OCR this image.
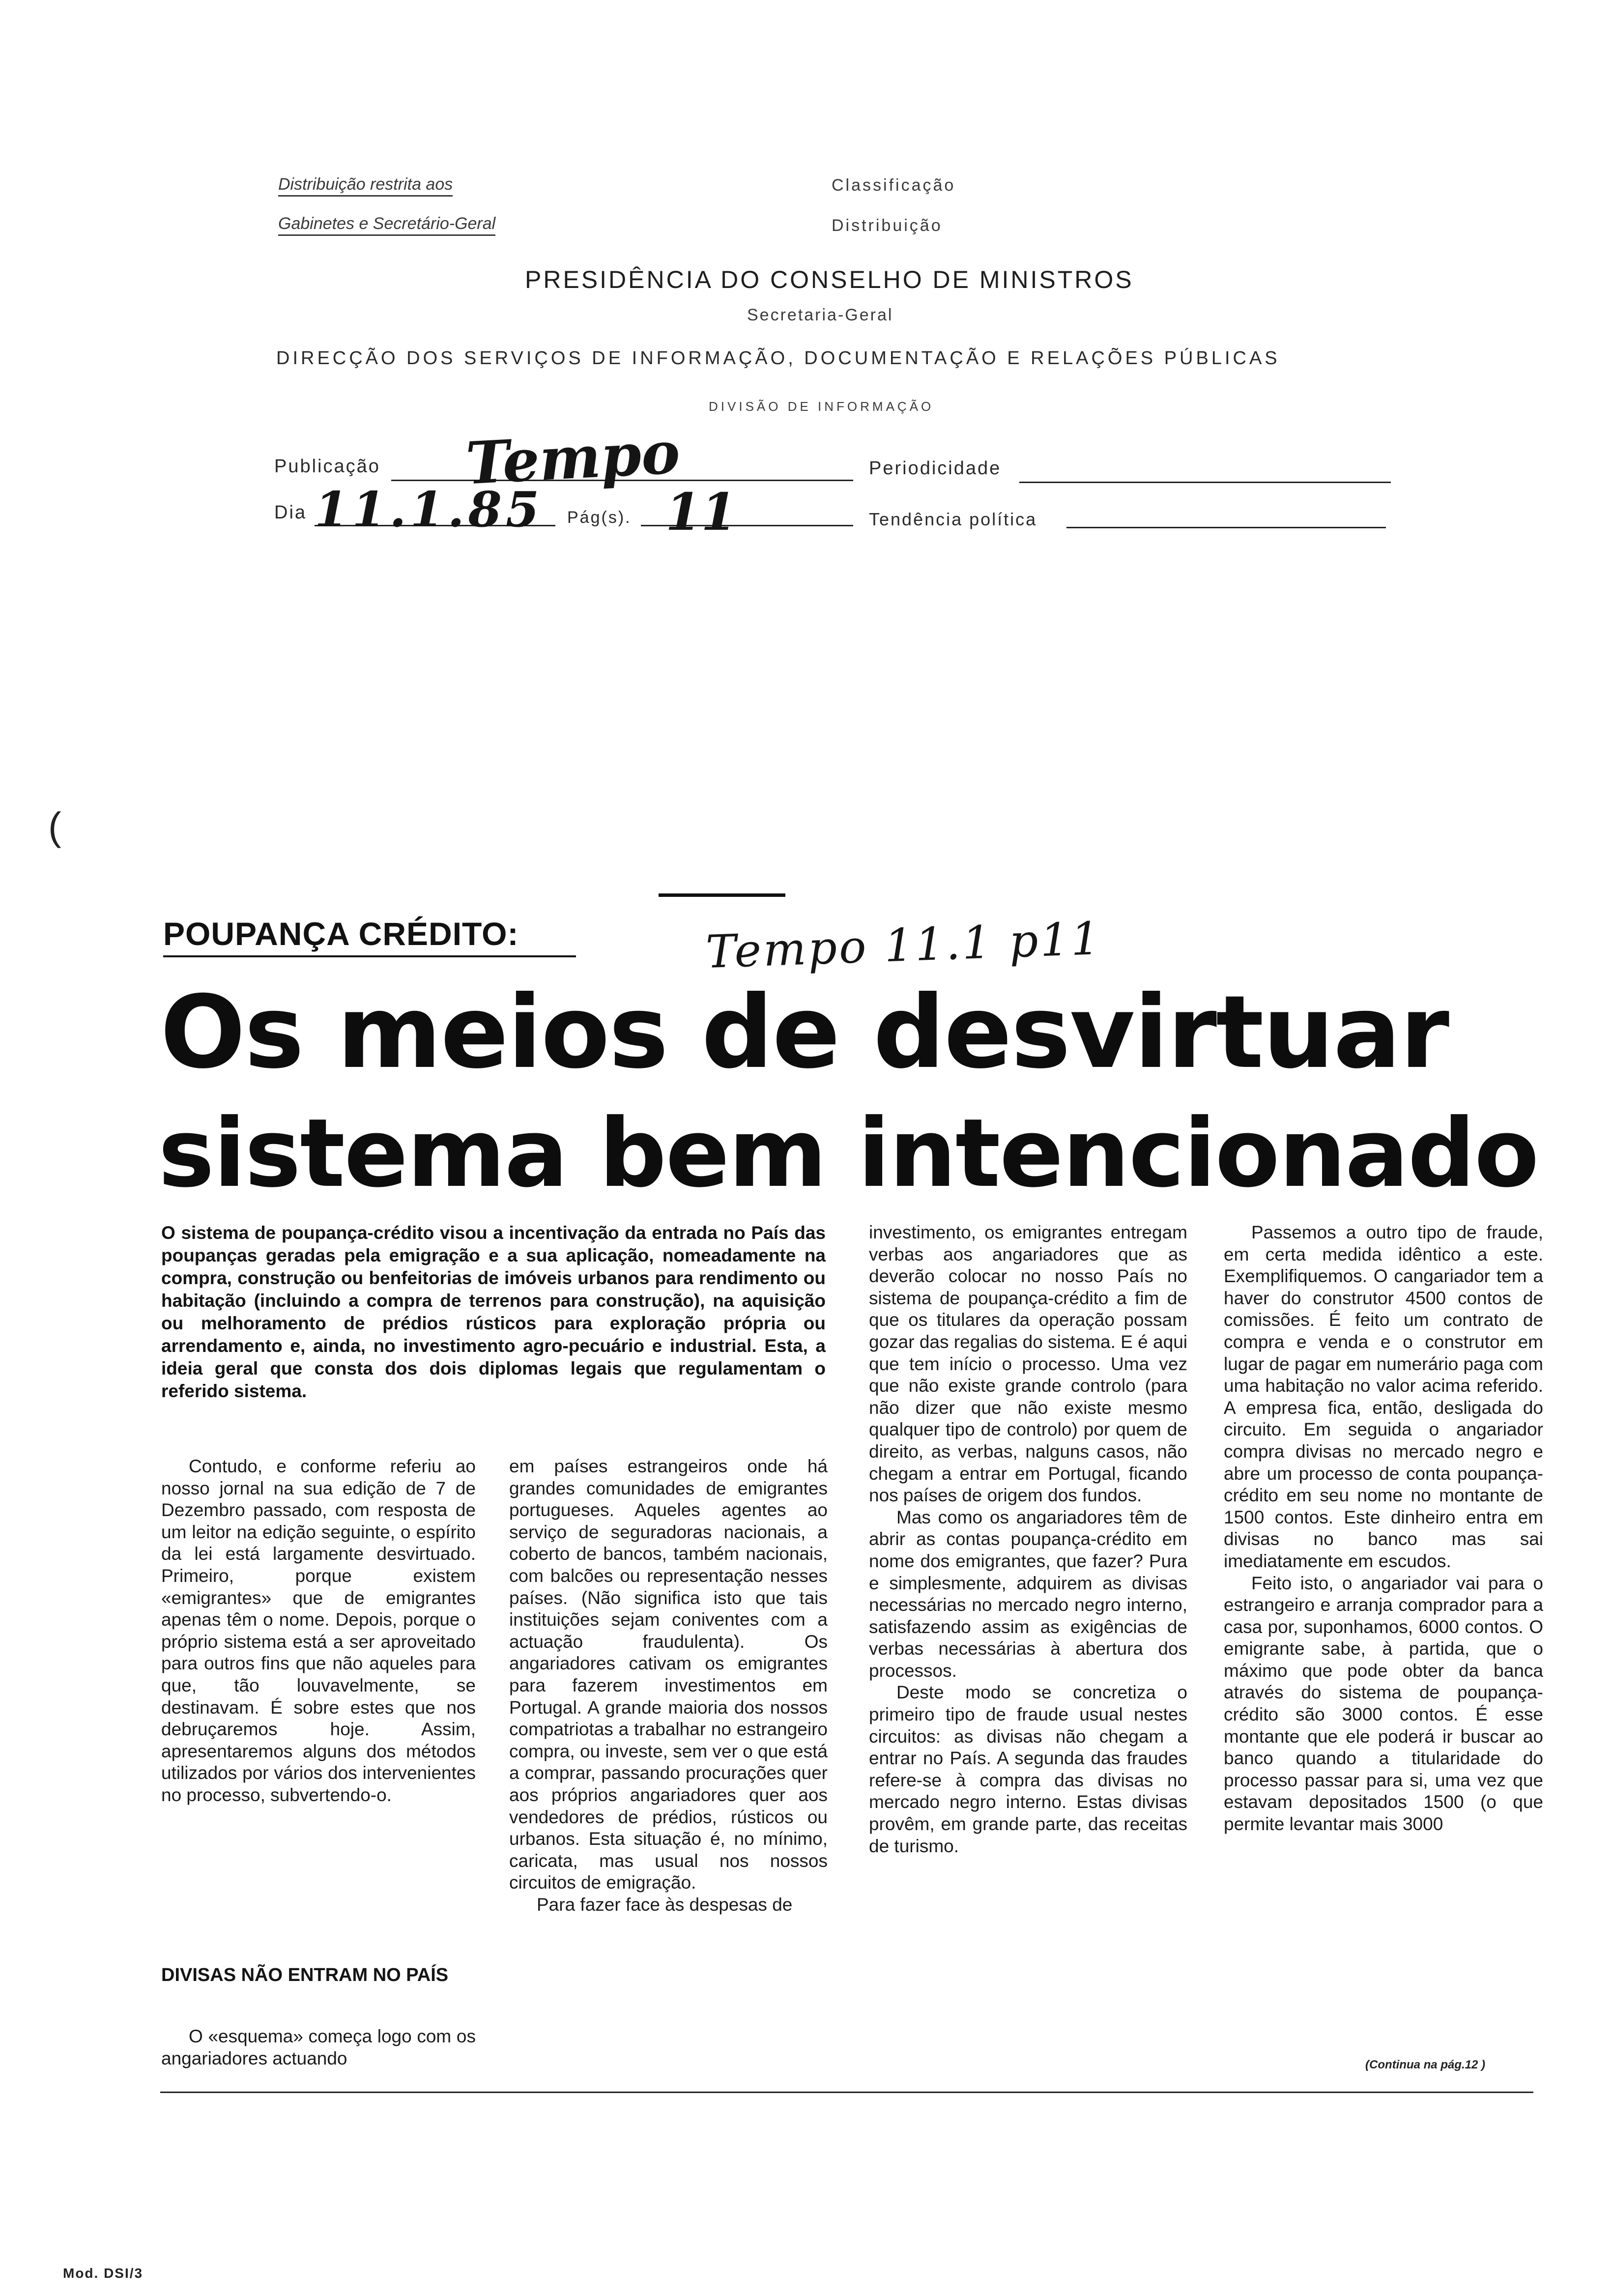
Distribuição restrita aos
Gabinetes e Secretário-Geral
Classificação
Distribuição
PRESIDÊNCIA DO CONSELHO DE MINISTROS
Secretaria-Geral
DIRECÇÃO DOS SERVIÇOS DE INFORMAÇÃO, DOCUMENTAÇÃO E RELAÇÕES PÚBLICAS
DIVISÃO DE INFORMAÇÃO
Publicação Tempo	Periodicidade
Dia 11.1.85 Pág(s). 11	Tendência política
(
POUPANÇA CRÉDITO:	Tempo 11.1 p11
Os meios de desvirtuar
sistema bem intencionado
O sistema de poupança-crédito visou a incentivação da entrada no País das poupanças geradas pela emigração e a sua aplicação, nomeadamente na compra, construção ou benfeitorias de imóveis urbanos para rendimento ou habitação (incluindo a compra de terrenos para construção), na aquisição ou melhoramento de prédios rústicos para exploração própria ou arrendamento e, ainda, no investimento agro-pecuário e industrial. Esta, a ideia geral que consta dos dois diplomas legais que regulamentam o referido sistema.

Contudo, e conforme referiu ao nosso jornal na sua edição de 7 de Dezembro passado, com resposta de um leitor na edição seguinte, o espírito da lei está largamente desvirtuado. Primeiro, porque existem «emigrantes» que de emigrantes apenas têm o nome. Depois, porque o próprio sistema está a ser aproveitado para outros fins que não aqueles para que, tão louvavelmente, se destinavam. É sobre estes que nos debruçaremos hoje. Assim, apresentaremos alguns dos métodos utilizados por vários dos intervenientes no processo, subvertendo-o.

DIVISAS NÃO ENTRAM NO PAÍS

O «esquema» começa logo com os angariadores actuando

em países estrangeiros onde há grandes comunidades de emigrantes portugueses. Aqueles agentes ao serviço de seguradoras nacionais, a coberto de bancos, também nacionais, com balcões ou representação nesses países. (Não significa isto que tais instituições sejam coniventes com a actuação fraudulenta). Os angariadores cativam os emigrantes para fazerem investimentos em Portugal. A grande maioria dos nossos compatriotas a trabalhar no estrangeiro compra, ou investe, sem ver o que está a comprar, passando procurações quer aos próprios angariadores quer aos vendedores de prédios, rústicos ou urbanos. Esta situação é, no mínimo, caricata, mas usual nos nossos circuitos de emigração.

Para fazer face às despesas de

investimento, os emigrantes entregam verbas aos angariadores que as deverão colocar no nosso País no sistema de poupança-crédito a fim de que os titulares da operação possam gozar das regalias do sistema. E é aqui que tem início o processo. Uma vez que não existe grande controlo (para não dizer que não existe mesmo qualquer tipo de controlo) por quem de direito, as verbas, nalguns casos, não chegam a entrar em Portugal, ficando nos países de origem dos fundos.

Mas como os angariadores têm de abrir as contas poupança-crédito em nome dos emigrantes, que fazer? Pura e simplesmente, adquirem as divisas necessárias no mercado negro interno, satisfazendo assim as exigências de verbas necessárias à abertura dos processos.

Deste modo se concretiza o primeiro tipo de fraude usual nestes circuitos: as divisas não chegam a entrar no País. A segunda das fraudes refere-se à compra das divisas no mercado negro interno. Estas divisas provêm, em grande parte, das receitas de turismo.

Passemos a outro tipo de fraude, em certa medida idêntico a este. Exemplifiquemos. O cangariador tem a haver do construtor 4500 contos de comissões. É feito um contrato de compra e venda e o construtor em lugar de pagar em numerário paga com uma habitação no valor acima referido. A empresa fica, então, desligada do circuito. Em seguida o angariador compra divisas no mercado negro e abre um processo de conta poupança-crédito em seu nome no montante de 1500 contos. Este dinheiro entra em divisas no banco mas sai imediatamente em escudos.

Feito isto, o angariador vai para o estrangeiro e arranja comprador para a casa por, suponhamos, 6000 contos. O emigrante sabe, à partida, que o máximo que pode obter da banca através do sistema de poupança-crédito são 3000 contos. É esse montante que ele poderá ir buscar ao banco quando a titularidade do processo passar para si, uma vez que estavam depositados 1500 (o que permite levantar mais 3000

(Continua na pág.12 )
Mod. DSI/3
